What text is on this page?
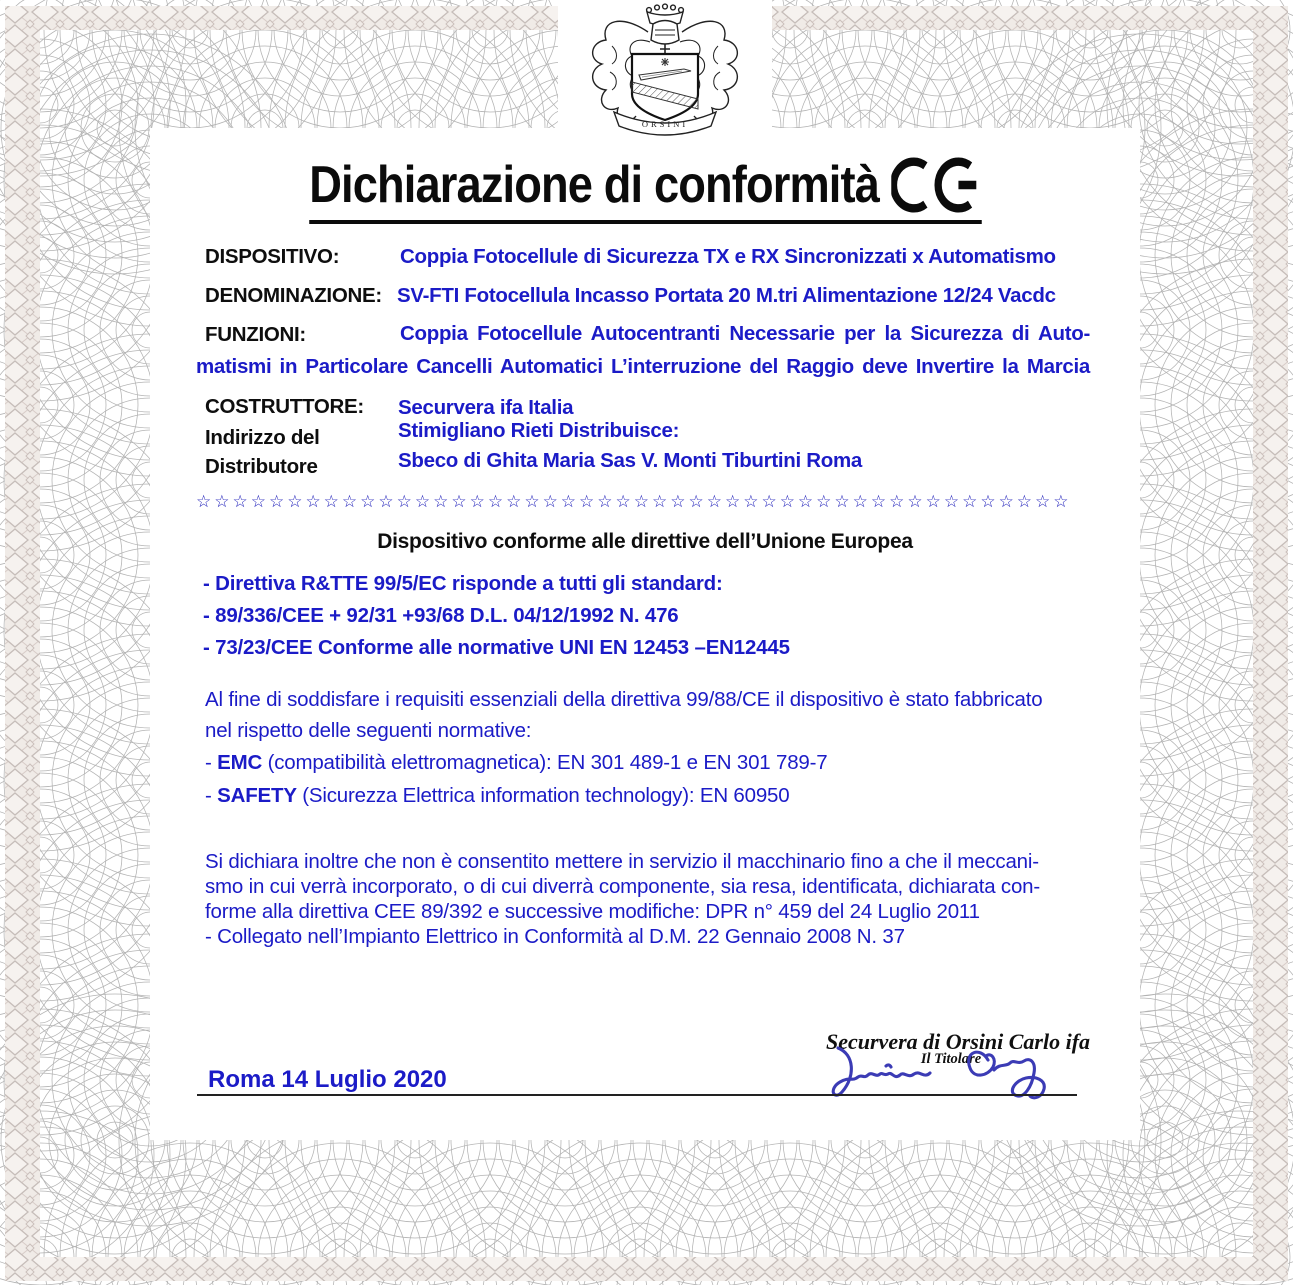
ORSINI
Dichiarazione di conformità
DISPOSITIVO:	Coppia Fotocellule di Sicurezza TX e RX Sincronizzati x Automatismo
DENOMINAZIONE: SV-FTI Fotocellula Incasso Portata 20 M.tri Alimentazione 12/24 Vacdc
FUNZIONI:	Coppia Fotocellule Autocentranti Necessarie per la Sicurezza di Auto-
matismi in Particolare Cancelli Automatici L’interruzione del Raggio deve Invertire la Marcia
COSTRUTTORE: Securvera ifa Italia
Indirizzo del	Stimigliano Rieti Distribuisce:
Distributore	Sbeco di Ghita Maria Sas V. Monti Tiburtini Roma
☆☆☆☆☆☆☆☆☆☆☆☆☆☆☆☆☆☆☆☆☆☆☆☆☆☆☆☆☆☆☆☆☆☆☆☆☆☆☆☆☆☆☆☆☆☆☆☆
Dispositivo conforme alle direttive dell’Unione Europea
- Direttiva R&TTE 99/5/EC risponde a tutti gli standard:
- 89/336/CEE + 92/31 +93/68 D.L. 04/12/1992 N. 476
- 73/23/CEE Conforme alle normative UNI EN 12453 –EN12445
Al fine di soddisfare i requisiti essenziali della direttiva 99/88/CE il dispositivo è stato fabbricato
nel rispetto delle seguenti normative:
- EMC (compatibilità elettromagnetica): EN 301 489-1 e EN 301 789-7
- SAFETY (Sicurezza Elettrica information technology): EN 60950
Si dichiara inoltre che non è consentito mettere in servizio il macchinario fino a che il meccani-
smo in cui verrà incorporato, o di cui diverrà componente, sia resa, identificata, dichiarata con-
forme alla direttiva CEE 89/392 e successive modifiche: DPR n° 459 del 24 Luglio 2011
- Collegato nell’Impianto Elettrico in Conformità al D.M. 22 Gennaio 2008 N. 37
Securvera di Orsini Carlo ifa
Il Titolare
Roma 14 Luglio 2020
